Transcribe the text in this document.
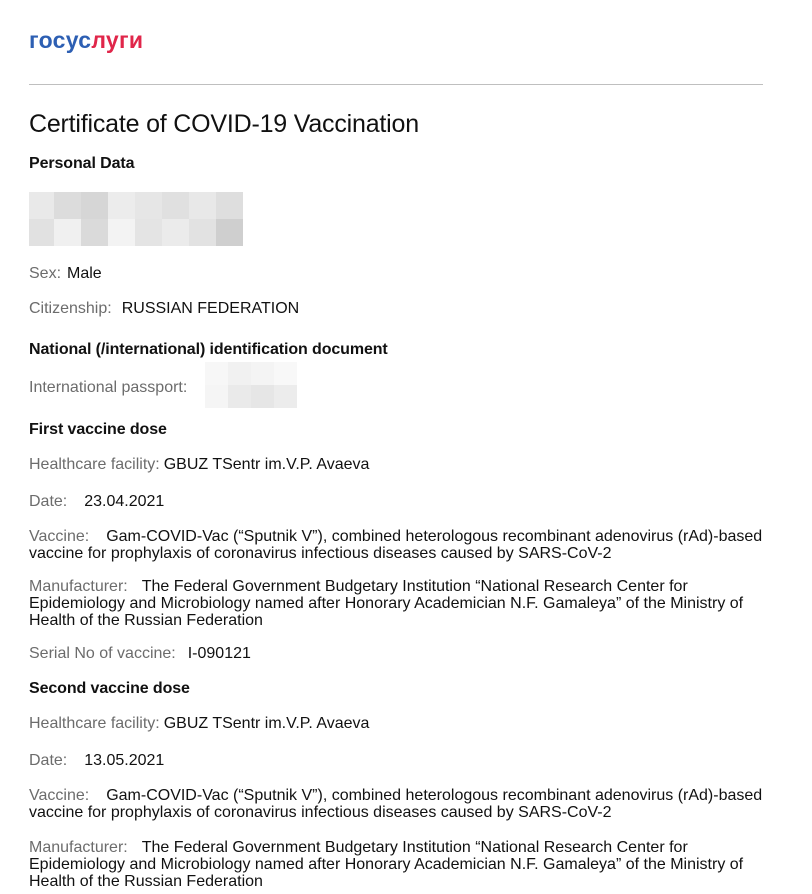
госуслуги
Certificate of COVID-19 Vaccination
Personal Data
Sex: Male
Citizenship: RUSSIAN FEDERATION
National (/international) identification document
International passport:
First vaccine dose
Healthcare facility: GBUZ TSentr im.V.P. Avaeva
Date: 23.04.2021
Vaccine: Gam-COVID-Vac (“Sputnik V”), combined heterologous recombinant adenovirus (rAd)-based vaccine for prophylaxis of coronavirus infectious diseases caused by SARS-CoV-2
Manufacturer: The Federal Government Budgetary Institution “National Research Center for Epidemiology and Microbiology named after Honorary Academician N.F. Gamaleya” of the Ministry of Health of the Russian Federation
Serial No of vaccine: I-090121
Second vaccine dose
Healthcare facility: GBUZ TSentr im.V.P. Avaeva
Date: 13.05.2021
Vaccine: Gam-COVID-Vac (“Sputnik V”), combined heterologous recombinant adenovirus (rAd)-based vaccine for prophylaxis of coronavirus infectious diseases caused by SARS-CoV-2
Manufacturer: The Federal Government Budgetary Institution “National Research Center for Epidemiology and Microbiology named after Honorary Academician N.F. Gamaleya” of the Ministry of Health of the Russian Federation
